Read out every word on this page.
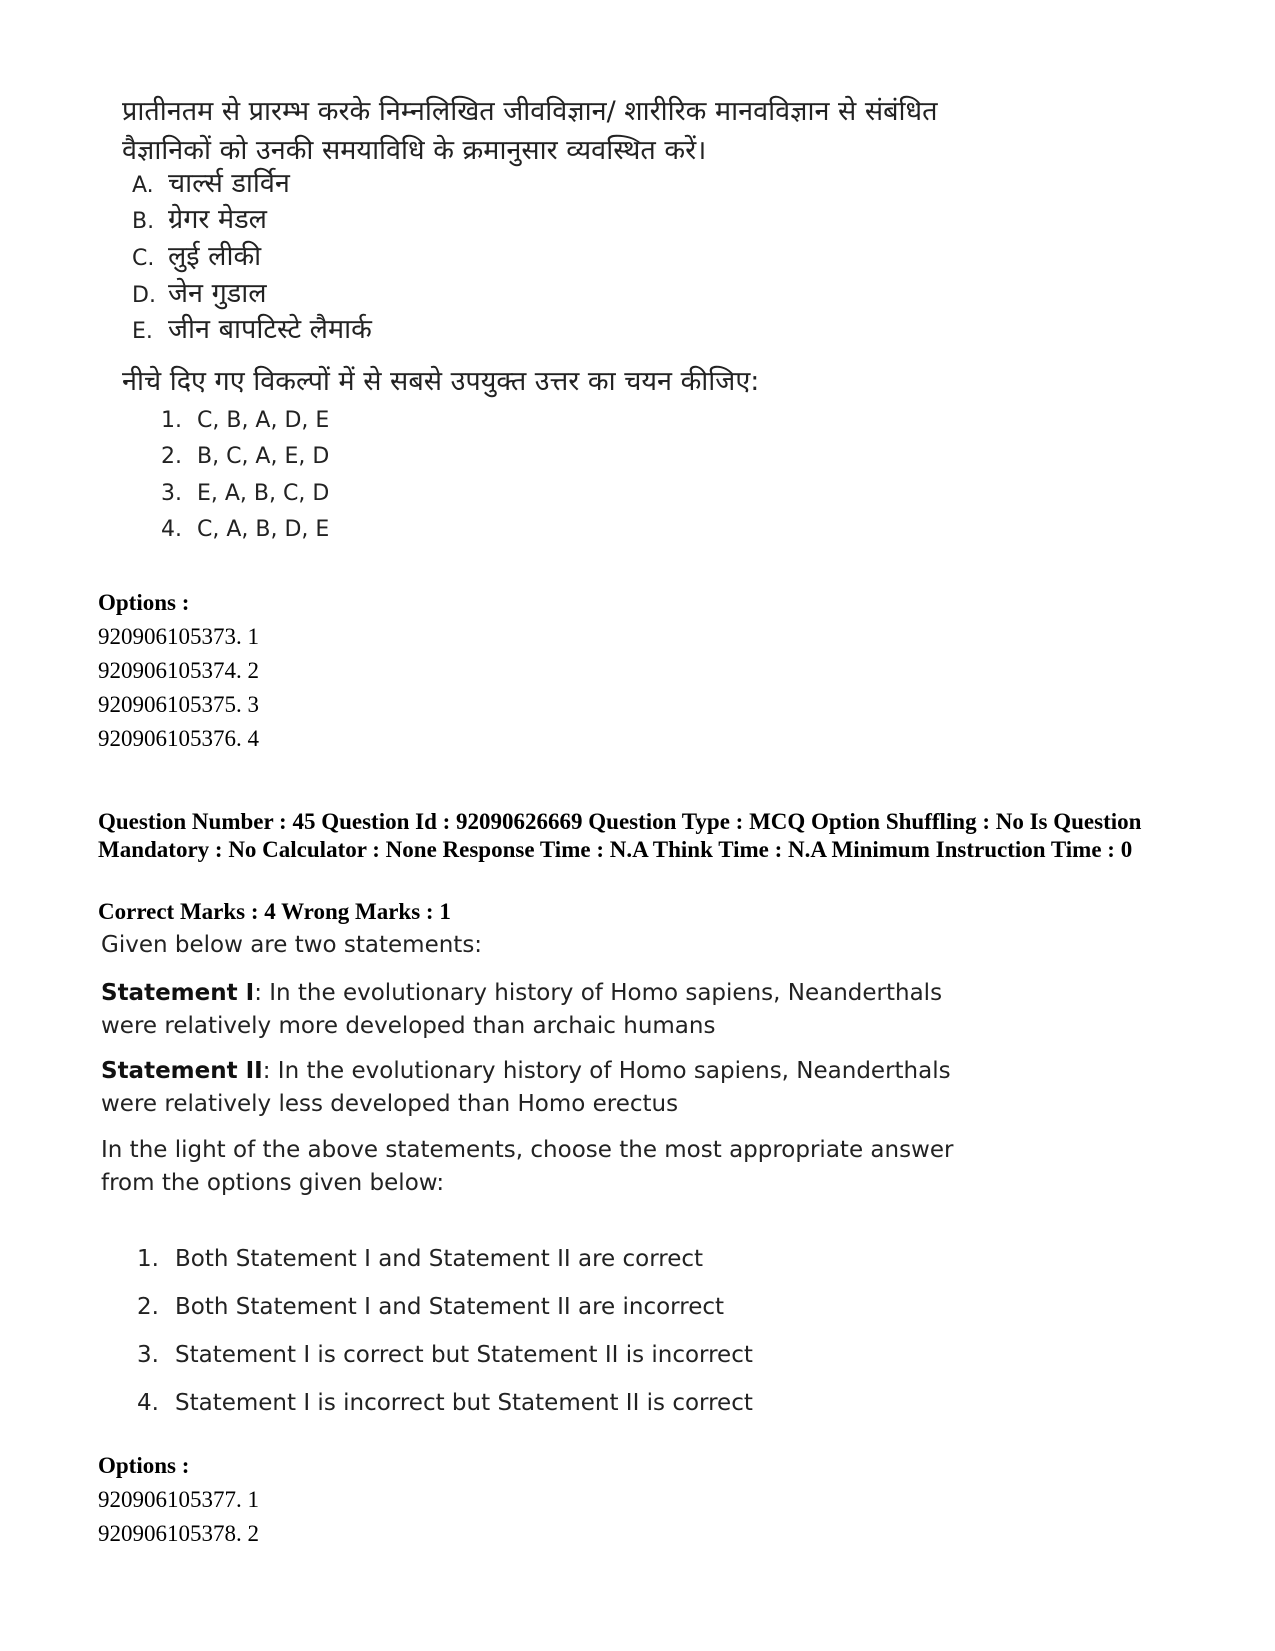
प्रातीनतम से प्रारम्भ करके निम्नलिखित जीवविज्ञान/ शारीरिक मानवविज्ञान से संबंधित वैज्ञानिकों को उनकी समयाविधि के क्रमानुसार व्यवस्थित करें।
A. चार्ल्स डार्विन
B. ग्रेगर मेडल
C. लुई लीकी
D. जेन गुडाल
E. जीन बापटिस्टे लैमार्क
नीचे दिए गए विकल्पों में से सबसे उपयुक्त उत्तर का चयन कीजिए:
1. C, B, A, D, E
2. B, C, A, E, D
3. E, A, B, C, D
4. C, A, B, D, E
Options :
920906105373. 1
920906105374. 2
920906105375. 3
920906105376. 4
Question Number : 45 Question Id : 92090626669 Question Type : MCQ Option Shuffling : No Is Question Mandatory : No Calculator : None Response Time : N.A Think Time : N.A Minimum Instruction Time : 0
Correct Marks : 4 Wrong Marks : 1
Given below are two statements:
Statement I: In the evolutionary history of Homo sapiens, Neanderthals were relatively more developed than archaic humans
Statement II: In the evolutionary history of Homo sapiens, Neanderthals were relatively less developed than Homo erectus
In the light of the above statements, choose the most appropriate answer from the options given below:
1. Both Statement I and Statement II are correct
2. Both Statement I and Statement II are incorrect
3. Statement I is correct but Statement II is incorrect
4. Statement I is incorrect but Statement II is correct
Options :
920906105377. 1
920906105378. 2
